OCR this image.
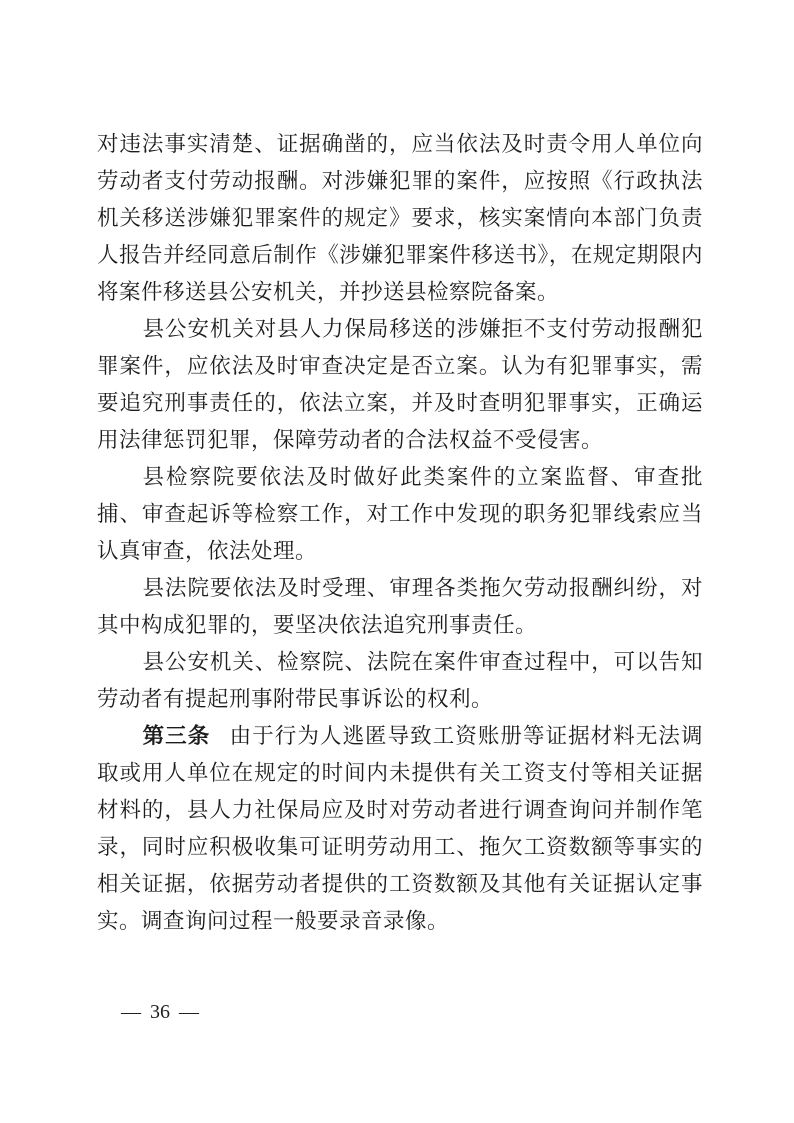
对违法事实清楚、证据确凿的，应当依法及时责令用人单位向劳动者支付劳动报酬。对涉嫌犯罪的案件，应按照《行政执法机关移送涉嫌犯罪案件的规定》要求，核实案情向本部门负责人报告并经同意后制作《涉嫌犯罪案件移送书》，在规定期限内将案件移送县公安机关，并抄送县检察院备案。

县公安机关对县人力保局移送的涉嫌拒不支付劳动报酬犯罪案件，应依法及时审查决定是否立案。认为有犯罪事实，需要追究刑事责任的，依法立案，并及时查明犯罪事实，正确运用法律惩罚犯罪，保障劳动者的合法权益不受侵害。

县检察院要依法及时做好此类案件的立案监督、审查批捕、审查起诉等检察工作，对工作中发现的职务犯罪线索应当认真审查，依法处理。

县法院要依法及时受理、审理各类拖欠劳动报酬纠纷，对其中构成犯罪的，要坚决依法追究刑事责任。

县公安机关、检察院、法院在案件审查过程中，可以告知劳动者有提起刑事附带民事诉讼的权利。

第三条 由于行为人逃匿导致工资账册等证据材料无法调取或用人单位在规定的时间内未提供有关工资支付等相关证据材料的，县人力社保局应及时对劳动者进行调查询问并制作笔录，同时应积极收集可证明劳动用工、拖欠工资数额等事实的相关证据，依据劳动者提供的工资数额及其他有关证据认定事实。调查询问过程一般要录音录像。

— 36 —
